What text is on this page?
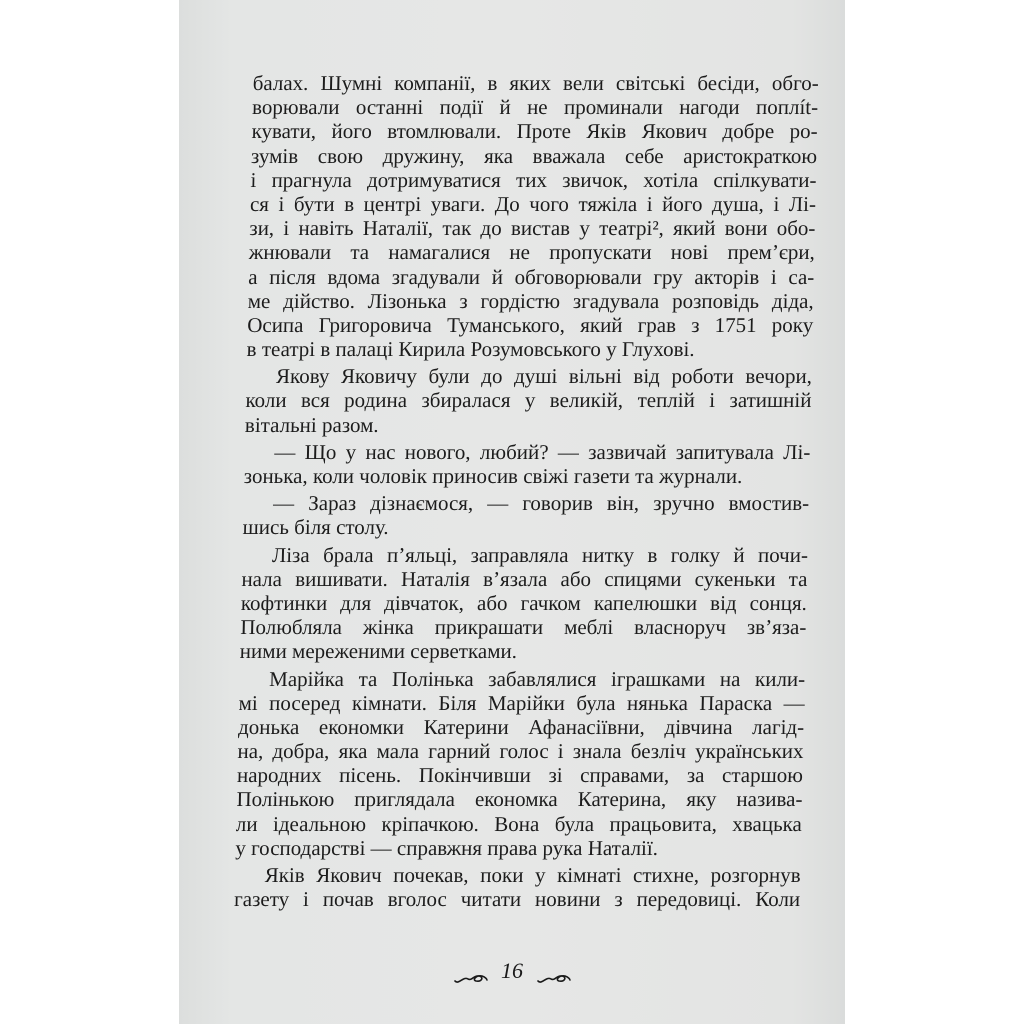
балах. Шумні компанії, в яких вели світські бесіди, обго-
ворювали останні події й не проминали нагоди поплít-
кувати, його втомлювали. Проте Яків Якович добре ро-
зумів свою дружину, яка вважала себе аристократкою
і прагнула дотримуватися тих звичок, хотіла спілкувати-
ся і бути в центрі уваги. До чого тяжіла і його душа, і Лі-
зи, і навіть Наталії, так до вистав у театрі², який вони обо-
жнювали та намагалися не пропускати нові прем’єри,
а після вдома згадували й обговорювали гру акторів і са-
ме дійство. Лізонька з гордістю згадувала розповідь діда,
Осипа Григоровича Туманського, який грав з 1751 року
в театрі в палаці Кирила Розумовського у Глухові.
Якову Яковичу були до душі вільні від роботи вечори,
коли вся родина збиралася у великій, теплій і затишній
вітальні разом.
— Що у нас нового, любий? — зазвичай запитувала Лі-
зонька, коли чоловік приносив свіжі газети та журнали.
— Зараз дізнаємося, — говорив він, зручно вмостив-
шись біля столу.
Ліза брала п’яльці, заправляла нитку в голку й почи-
нала вишивати. Наталія в’язала або спицями сукеньки та
кофтинки для дівчаток, або гачком капелюшки від сонця.
Полюбляла жінка прикрашати меблі власноруч зв’яза-
ними мереженими серветками.
Марійка та Полінька забавлялися іграшками на кили-
мі посеред кімнати. Біля Марійки була нянька Параска —
донька економки Катерини Афанасіївни, дівчина лагід-
на, добра, яка мала гарний голос і знала безліч українських
народних пісень. Покінчивши зі справами, за старшою
Полінькою приглядала економка Катерина, яку назива-
ли ідеальною кріпачкою. Вона була працьовита, хвацька
у господарстві — справжня права рука Наталії.
Яків Якович почекав, поки у кімнаті стихне, розгорнув
газету і почав вголос читати новини з передовиці. Коли
16
